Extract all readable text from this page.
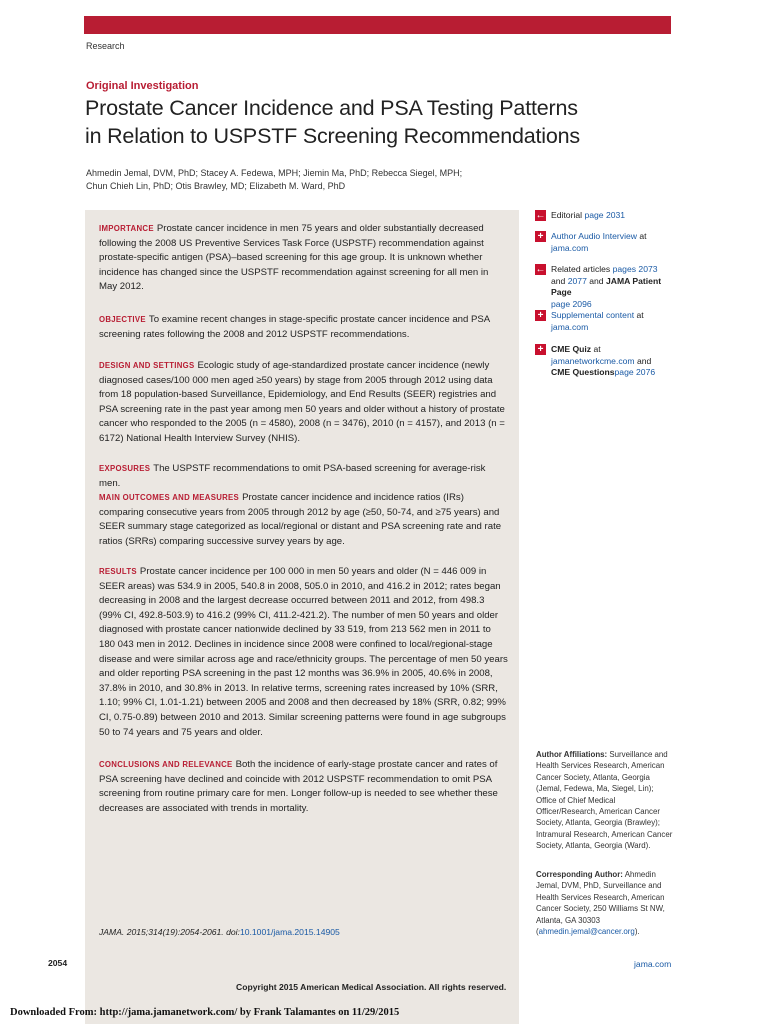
Research
Original Investigation
Prostate Cancer Incidence and PSA Testing Patterns
in Relation to USPSTF Screening Recommendations
Ahmedin Jemal, DVM, PhD; Stacey A. Fedewa, MPH; Jiemin Ma, PhD; Rebecca Siegel, MPH;
Chun Chieh Lin, PhD; Otis Brawley, MD; Elizabeth M. Ward, PhD
IMPORTANCE Prostate cancer incidence in men 75 years and older substantially decreased following the 2008 US Preventive Services Task Force (USPSTF) recommendation against prostate-specific antigen (PSA)–based screening for this age group. It is unknown whether incidence has changed since the USPSTF recommendation against screening for all men in May 2012.
OBJECTIVE To examine recent changes in stage-specific prostate cancer incidence and PSA screening rates following the 2008 and 2012 USPSTF recommendations.
DESIGN AND SETTINGS Ecologic study of age-standardized prostate cancer incidence (newly diagnosed cases/100 000 men aged ≥50 years) by stage from 2005 through 2012 using data from 18 population-based Surveillance, Epidemiology, and End Results (SEER) registries and PSA screening rate in the past year among men 50 years and older without a history of prostate cancer who responded to the 2005 (n = 4580), 2008 (n = 3476), 2010 (n = 4157), and 2013 (n = 6172) National Health Interview Survey (NHIS).
EXPOSURES The USPSTF recommendations to omit PSA-based screening for average-risk men.
MAIN OUTCOMES AND MEASURES Prostate cancer incidence and incidence ratios (IRs) comparing consecutive years from 2005 through 2012 by age (≥50, 50-74, and ≥75 years) and SEER summary stage categorized as local/regional or distant and PSA screening rate and rate ratios (SRRs) comparing successive survey years by age.
RESULTS Prostate cancer incidence per 100 000 in men 50 years and older (N = 446 009 in SEER areas) was 534.9 in 2005, 540.8 in 2008, 505.0 in 2010, and 416.2 in 2012; rates began decreasing in 2008 and the largest decrease occurred between 2011 and 2012, from 498.3 (99% CI, 492.8-503.9) to 416.2 (99% CI, 411.2-421.2). The number of men 50 years and older diagnosed with prostate cancer nationwide declined by 33 519, from 213 562 men in 2011 to 180 043 men in 2012. Declines in incidence since 2008 were confined to local/regional-stage disease and were similar across age and race/ethnicity groups. The percentage of men 50 years and older reporting PSA screening in the past 12 months was 36.9% in 2005, 40.6% in 2008, 37.8% in 2010, and 30.8% in 2013. In relative terms, screening rates increased by 10% (SRR, 1.10; 99% CI, 1.01-1.21) between 2005 and 2008 and then decreased by 18% (SRR, 0.82; 99% CI, 0.75-0.89) between 2010 and 2013. Similar screening patterns were found in age subgroups 50 to 74 years and 75 years and older.
CONCLUSIONS AND RELEVANCE Both the incidence of early-stage prostate cancer and rates of PSA screening have declined and coincide with 2012 USPSTF recommendation to omit PSA screening from routine primary care for men. Longer follow-up is needed to see whether these decreases are associated with trends in mortality.
JAMA. 2015;314(19):2054-2061. doi:10.1001/jama.2015.14905
← Editorial page 2031
+ Author Audio Interview at
jama.com
← Related articles pages 2073
and 2077 and JAMA Patient Page
page 2096
+ Supplemental content at
jama.com
+ CME Quiz at
jamanetworkcme.com and
CME Questionspage 2076
Author Affiliations: Surveillance and Health Services Research, American Cancer Society, Atlanta, Georgia (Jemal, Fedewa, Ma, Siegel, Lin); Office of Chief Medical Officer/Research, American Cancer Society, Atlanta, Georgia (Brawley); Intramural Research, American Cancer Society, Atlanta, Georgia (Ward).
Corresponding Author: Ahmedin Jemal, DVM, PhD, Surveillance and Health Services Research, American Cancer Society, 250 Williams St NW, Atlanta, GA 30303 (ahmedin.jemal@cancer.org).
2054	jama.com
Copyright 2015 American Medical Association. All rights reserved.
Downloaded From: http://jama.jamanetwork.com/ by Frank Talamantes on 11/29/2015
